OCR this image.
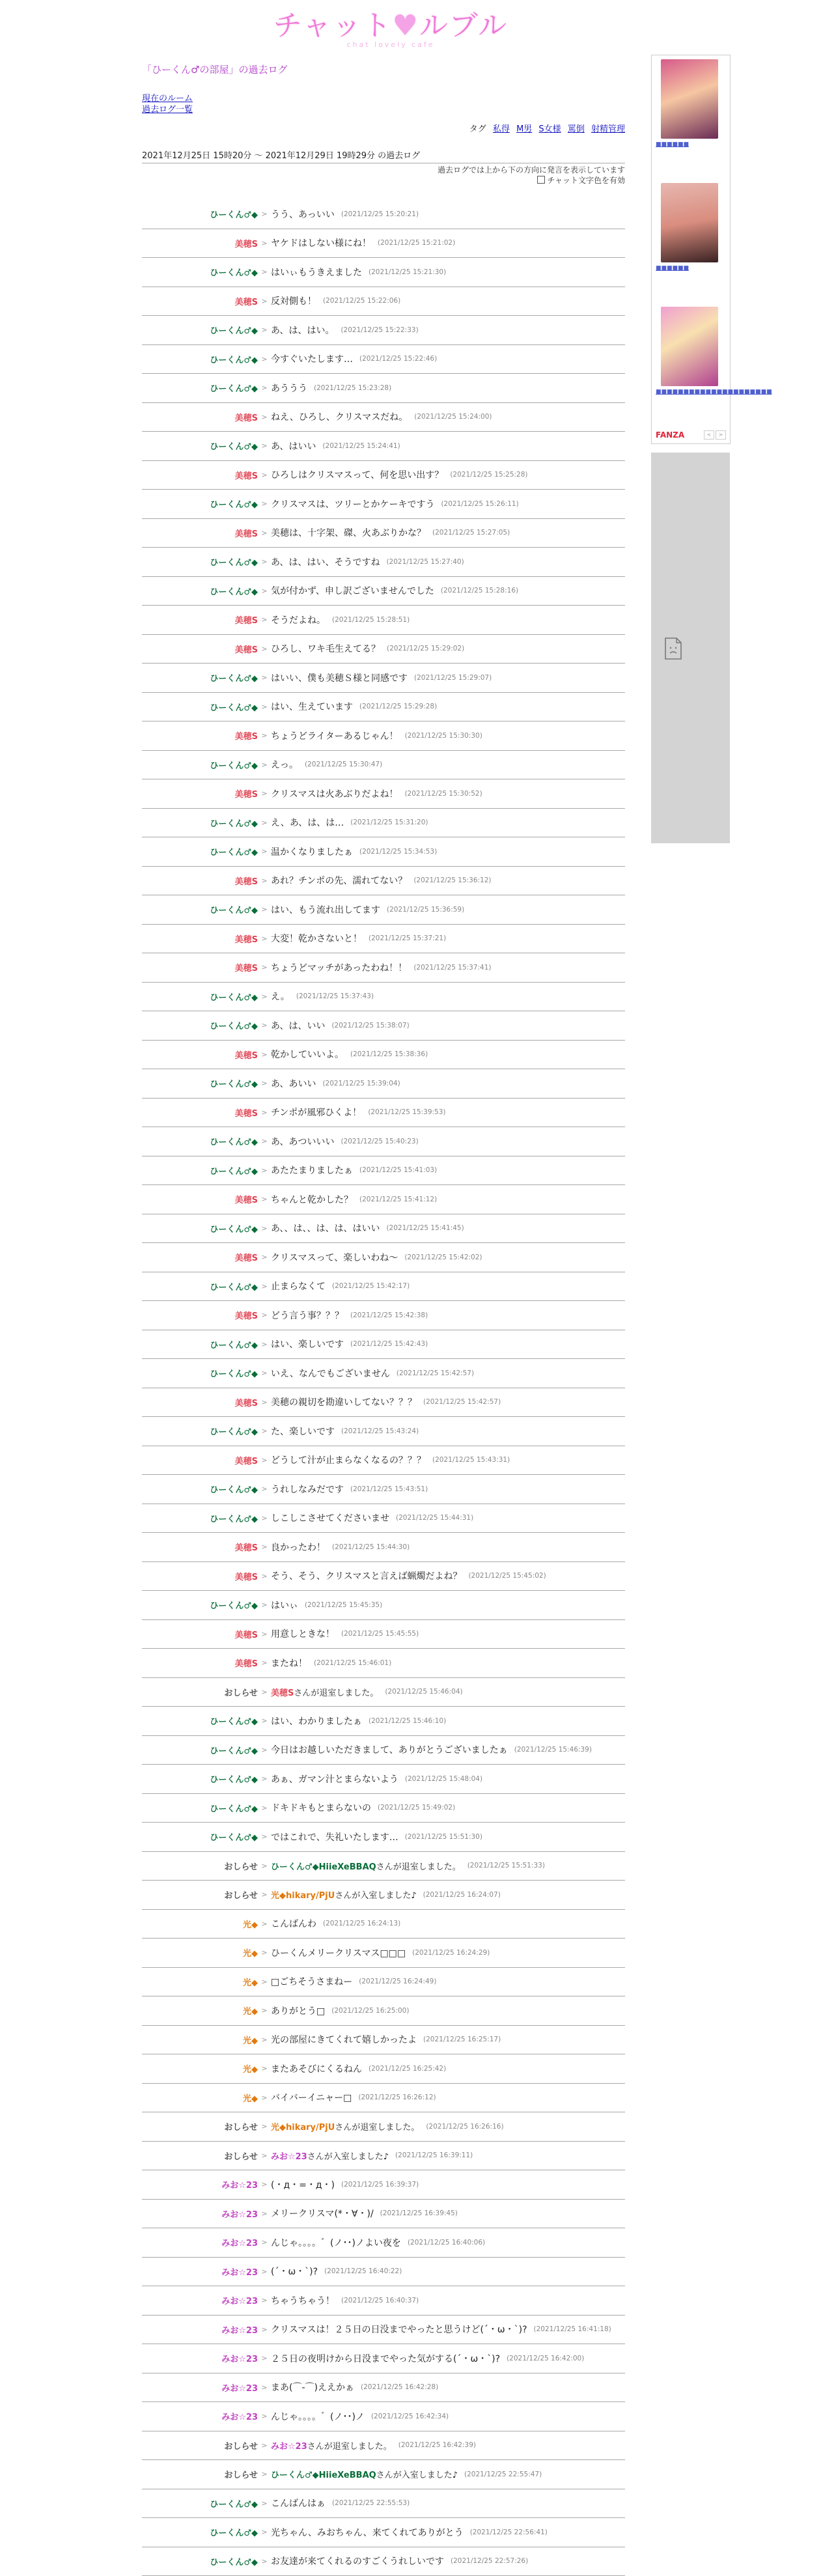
チャット♥ルブル
chat lovely cafe
「ひーくん♂の部屋」の過去ログ
現在のルーム
過去ログ一覧
タグ 私得 M男 S女様 罵倒 射精管理
2021年12月25日 15時20分 ～ 2021年12月29日 19時29分 の過去ログ
過去ログでは上から下の方向に発言を表示しています
チャット文字色を有効
ひーくん♂◆ > うう、あっいい (2021/12/25 15:20:21)
美穂S > ヤケドはしない様にね！ (2021/12/25 15:21:02)
ひーくん♂◆ > はいぃもうきえました (2021/12/25 15:21:30)
美穂S > 反対側も！ (2021/12/25 15:22:06)
ひーくん♂◆ > あ、は、はい。 (2021/12/25 15:22:33)
ひーくん♂◆ > 今すぐいたします… (2021/12/25 15:22:46)
ひーくん♂◆ > あううう (2021/12/25 15:23:28)
美穂S > ねえ、ひろし、クリスマスだね。 (2021/12/25 15:24:00)
ひーくん♂◆ > あ、はいい (2021/12/25 15:24:41)
美穂S > ひろしはクリスマスって、何を思い出す？ (2021/12/25 15:25:28)
ひーくん♂◆ > クリスマスは、ツリーとかケーキですう (2021/12/25 15:26:11)
美穂S > 美穂は、十字架、磔、火あぶりかな？ (2021/12/25 15:27:05)
ひーくん♂◆ > あ、は、はい、そうですね (2021/12/25 15:27:40)
ひーくん♂◆ > 気が付かず、申し訳ございませんでした (2021/12/25 15:28:16)
美穂S > そうだよね。 (2021/12/25 15:28:51)
美穂S > ひろし、ワキ毛生えてる？ (2021/12/25 15:29:02)
ひーくん♂◆ > はいい、僕も美穂Ｓ様と同感です (2021/12/25 15:29:07)
ひーくん♂◆ > はい、生えています (2021/12/25 15:29:28)
美穂S > ちょうどライターあるじゃん！ (2021/12/25 15:30:30)
ひーくん♂◆ > えっ。 (2021/12/25 15:30:47)
美穂S > クリスマスは火あぶりだよね！ (2021/12/25 15:30:52)
ひーくん♂◆ > え、あ、は、は… (2021/12/25 15:31:20)
ひーくん♂◆ > 温かくなりましたぁ (2021/12/25 15:34:53)
美穂S > あれ？チンポの先、濡れてない？ (2021/12/25 15:36:12)
ひーくん♂◆ > はい、もう流れ出してます (2021/12/25 15:36:59)
美穂S > 大変！乾かさないと！ (2021/12/25 15:37:21)
美穂S > ちょうどマッチがあったわね！！ (2021/12/25 15:37:41)
ひーくん♂◆ > え。 (2021/12/25 15:37:43)
ひーくん♂◆ > あ、は、いい (2021/12/25 15:38:07)
美穂S > 乾かしていいよ。 (2021/12/25 15:38:36)
ひーくん♂◆ > あ、あいい (2021/12/25 15:39:04)
美穂S > チンポが風邪ひくよ！ (2021/12/25 15:39:53)
ひーくん♂◆ > あ、あついいい (2021/12/25 15:40:23)
ひーくん♂◆ > あたたまりましたぁ (2021/12/25 15:41:03)
美穂S > ちゃんと乾かした？ (2021/12/25 15:41:12)
ひーくん♂◆ > あ、、は、、は、は、はいい (2021/12/25 15:41:45)
美穂S > クリスマスって、楽しいわね〜 (2021/12/25 15:42:02)
ひーくん♂◆ > 止まらなくて (2021/12/25 15:42:17)
美穂S > どう言う事？？？ (2021/12/25 15:42:38)
ひーくん♂◆ > はい、楽しいです (2021/12/25 15:42:43)
ひーくん♂◆ > いえ、なんでもございません (2021/12/25 15:42:57)
美穂S > 美穂の親切を勘違いしてない？？？ (2021/12/25 15:42:57)
ひーくん♂◆ > た、楽しいです (2021/12/25 15:43:24)
美穂S > どうして汁が止まらなくなるの？？？ (2021/12/25 15:43:31)
ひーくん♂◆ > うれしなみだです (2021/12/25 15:43:51)
ひーくん♂◆ > しこしこさせてくださいませ (2021/12/25 15:44:31)
美穂S > 良かったわ！ (2021/12/25 15:44:30)
美穂S > そう、そう、クリスマスと言えば蝋燭だよね？ (2021/12/25 15:45:02)
ひーくん♂◆ > はいぃ (2021/12/25 15:45:35)
美穂S > 用意しときな！ (2021/12/25 15:45:55)
美穂S > またね！ (2021/12/25 15:46:01)
おしらせ > 美穂Sさんが退室しました。 (2021/12/25 15:46:04)
ひーくん♂◆ > はい、わかりましたぁ (2021/12/25 15:46:10)
ひーくん♂◆ > 今日はお越しいただきまして、ありがとうございましたぁ (2021/12/25 15:46:39)
ひーくん♂◆ > あぁ、ガマン汁とまらないよう (2021/12/25 15:48:04)
ひーくん♂◆ > ドキドキもとまらないの (2021/12/25 15:49:02)
ひーくん♂◆ > ではこれで、失礼いたします… (2021/12/25 15:51:30)
おしらせ > ひーくん♂◆HiieXeBBAQさんが退室しました。 (2021/12/25 15:51:33)
おしらせ > 光◆hikary/PjUさんが入室しました♪ (2021/12/25 16:24:07)
光◆ > こんばんわ (2021/12/25 16:24:13)
光◆ > ひーくんメリークリスマス□□□ (2021/12/25 16:24:29)
光◆ > □ごちそうさまねー (2021/12/25 16:24:49)
光◆ > ありがとう□ (2021/12/25 16:25:00)
光◆ > 光の部屋にきてくれて嬉しかったよ (2021/12/25 16:25:17)
光◆ > またあそびにくるねん (2021/12/25 16:25:42)
光◆ > バイバーイニャー□ (2021/12/25 16:26:12)
おしらせ > 光◆hikary/PjUさんが退室しました。 (2021/12/25 16:26:16)
おしらせ > みお☆23さんが入室しました♪ (2021/12/25 16:39:11)
みお☆23 > (・д・=・д・) (2021/12/25 16:39:37)
みお☆23 > メリークリスマ(*・∀・)/ (2021/12/25 16:39:45)
みお☆23 > んじゃ。。。。゛(ノ･･)ノよい夜を (2021/12/25 16:40:06)
みお☆23 > (´・ω・`)? (2021/12/25 16:40:22)
みお☆23 > ちゃうちゃう！ (2021/12/25 16:40:37)
みお☆23 > クリスマスは！２５日の日没までやったと思うけど(´・ω・`)? (2021/12/25 16:41:18)
みお☆23 > ２５日の夜明けから日没までやった気がする(´・ω・`)? (2021/12/25 16:42:00)
みお☆23 > まあ(⌒-⌒)ええかぁ (2021/12/25 16:42:28)
みお☆23 > んじゃ。。。。゛(ノ･･)ノ (2021/12/25 16:42:34)
おしらせ > みお☆23さんが退室しました。 (2021/12/25 16:42:39)
おしらせ > ひーくん♂◆HiieXeBBAQさんが入室しました♪ (2021/12/25 22:55:47)
ひーくん♂◆ > こんばんはぁ (2021/12/25 22:55:53)
ひーくん♂◆ > 光ちゃん、みおちゃん、来てくれてありがとう (2021/12/25 22:56:41)
ひーくん♂◆ > お友達が来てくれるのすごくうれしいです (2021/12/25 22:57:26)
■■■■■■
■■■■■■
■■■■■■■■■■■■■■■■■■■■■
FANZA	<	>
